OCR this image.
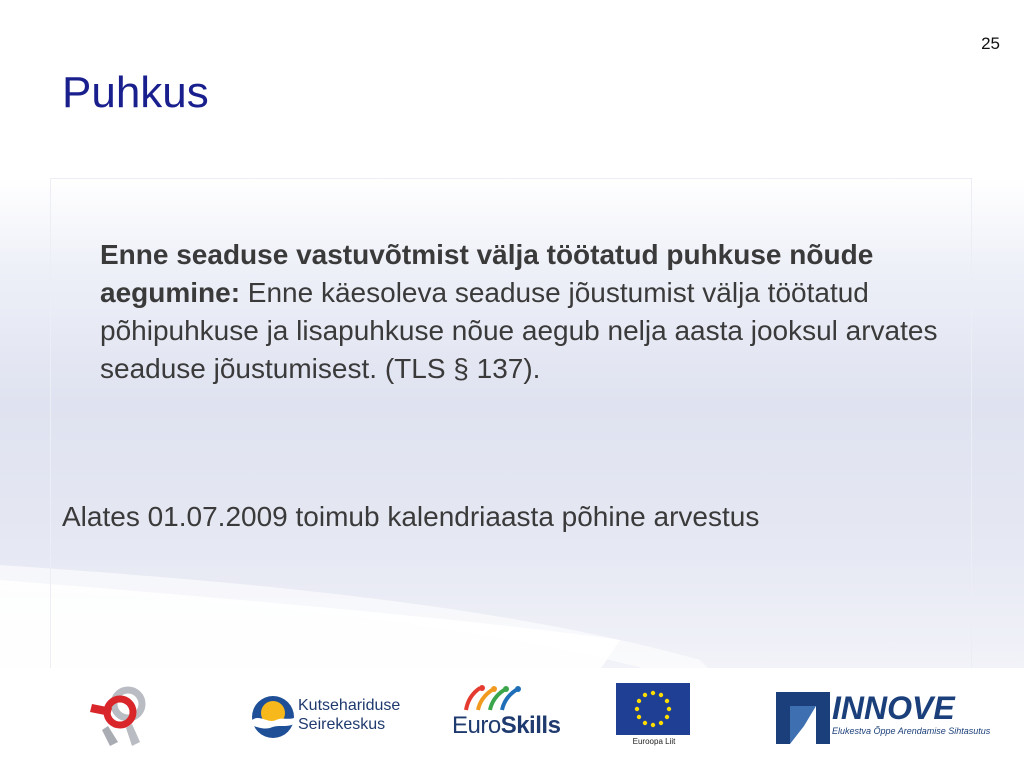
25
Puhkus

Enne seaduse vastuvõtmist välja töötatud puhkuse nõude aegumine: Enne käesoleva seaduse jõustumist välja töötatud põhipuhkuse ja lisapuhkuse nõue aegub nelja aasta jooksul arvates seaduse jõustumisest. (TLS § 137).

Alates 01.07.2009 toimub kalendriaasta põhine arvestus

Kutsehariduse
Seirekeskus	EuroSkills
Euroopa Liit
INNOVE
Elukestva Õppe Arendamise Sihtasutus
